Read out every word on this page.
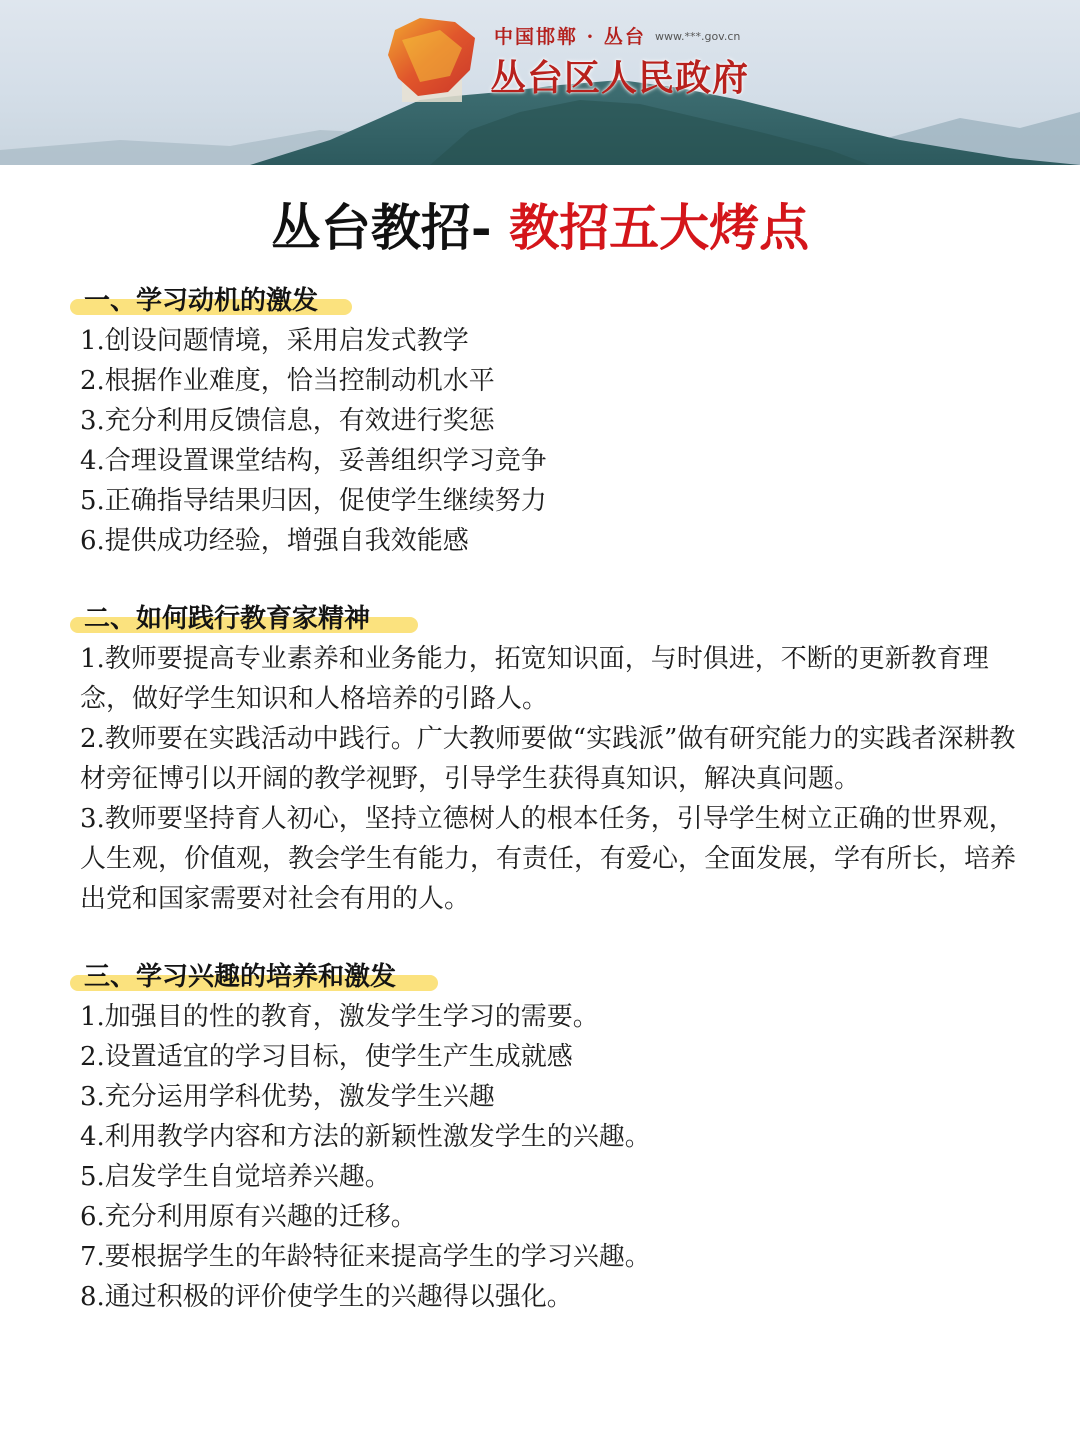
中国邯郸 · 丛台 www.***.gov.cn
丛台区人民政府
丛台教招- 教招五大烤点
一、学习动机的激发
1.创设问题情境，采用启发式教学
2.根据作业难度，恰当控制动机水平
3.充分利用反馈信息，有效进行奖惩
4.合理设置课堂结构，妥善组织学习竞争
5.正确指导结果归因，促使学生继续努力
6.提供成功经验，增强自我效能感
二、如何践行教育家精神
1.教师要提高专业素养和业务能力，拓宽知识面，与时俱进，不断的更新教育理念，做好学生知识和人格培养的引路人。
2.教师要在实践活动中践行。广大教师要做“实践派”做有研究能力的实践者深耕教材旁征博引以开阔的教学视野，引导学生获得真知识，解决真问题。
3.教师要坚持育人初心，坚持立德树人的根本任务，引导学生树立正确的世界观，人生观，价值观，教会学生有能力，有责任，有爱心，全面发展，学有所长，培养出党和国家需要对社会有用的人。
三、学习兴趣的培养和激发
1.加强目的性的教育，激发学生学习的需要。
2.设置适宜的学习目标，使学生产生成就感
3.充分运用学科优势，激发学生兴趣
4.利用教学内容和方法的新颖性激发学生的兴趣。
5.启发学生自觉培养兴趣。
6.充分利用原有兴趣的迁移。
7.要根据学生的年龄特征来提高学生的学习兴趣。
8.通过积极的评价使学生的兴趣得以强化。
